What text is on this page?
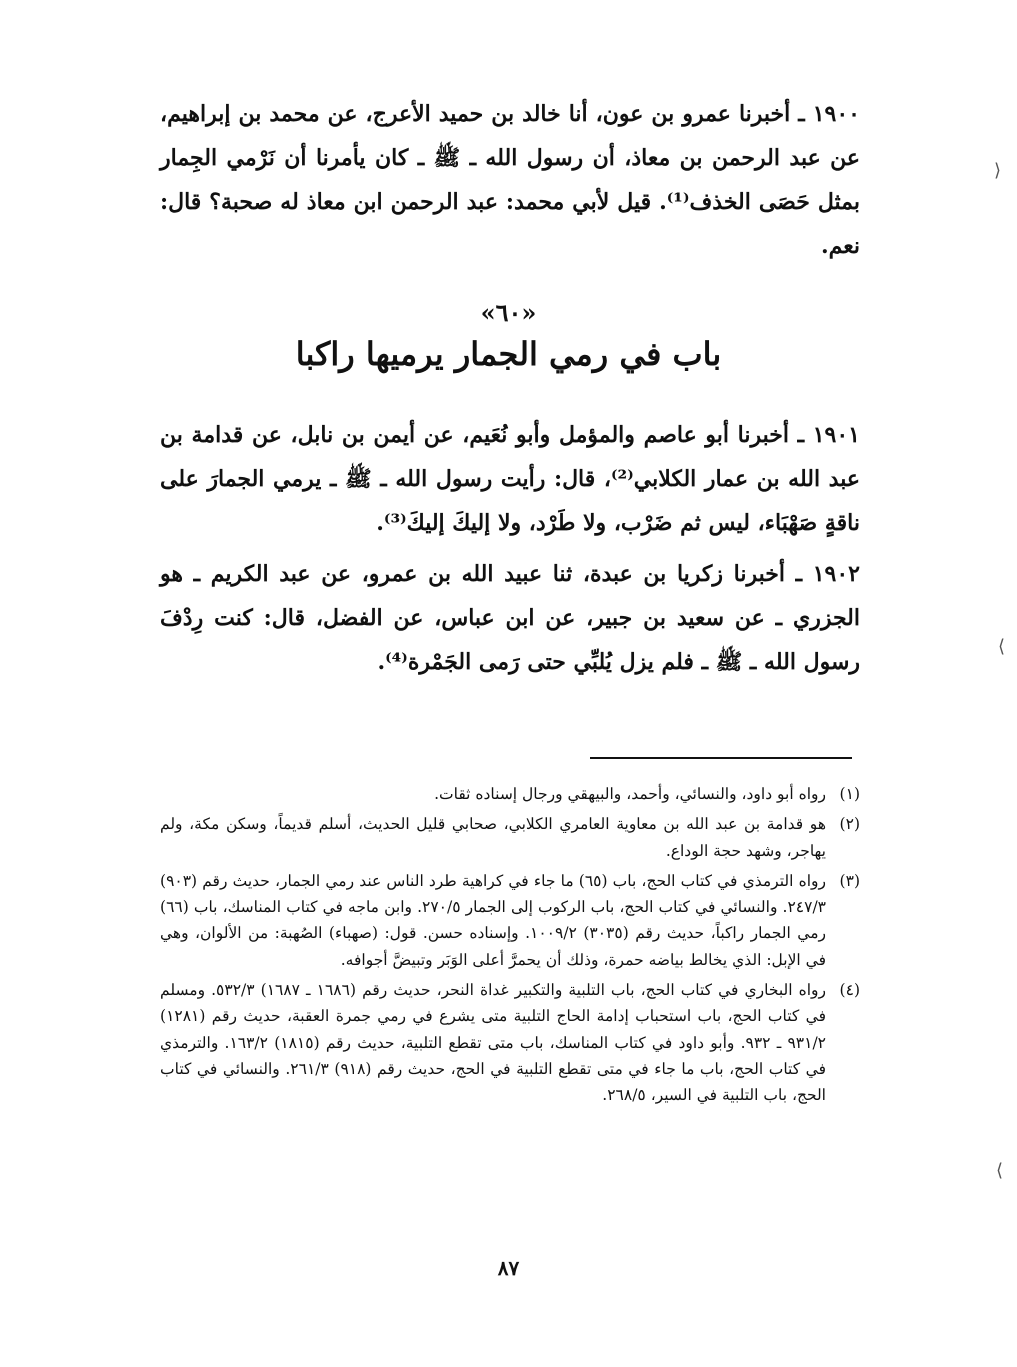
١٩٠٠ ـ أخبرنا عمرو بن عون، أنا خالد بن حميد الأعرج، عن محمد بن إبراهيم، عن عبد الرحمن بن معاذ، أن رسول الله ـ ﷺ ـ كان يأمرنا أن نَرْمي الجِمار بمثل حَصَى الخذف⁽¹⁾. قيل لأبي محمد: عبد الرحمن ابن معاذ له صحبة؟ قال: نعم.

«٦٠»
باب في رمي الجمار يرميها راكبا

١٩٠١ ـ أخبرنا أبو عاصم والمؤمل وأبو نُعَيم، عن أيمن بن نابل، عن قدامة بن عبد الله بن عمار الكلابي⁽²⁾، قال: رأيت رسول الله ـ ﷺ ـ يرمي الجمارَ على ناقةٍ صَهْبَاء، ليس ثم ضَرْب، ولا طَرْد، ولا إليكَ إليكَ⁽³⁾.

١٩٠٢ ـ أخبرنا زكريا بن عبدة، ثنا عبيد الله بن عمرو، عن عبد الكريم ـ هو الجزري ـ عن سعيد بن جبير، عن ابن عباس، عن الفضل، قال: كنت رِدْفَ رسول الله ـ ﷺ ـ فلم يزل يُلبِّي حتى رَمى الجَمْرة⁽⁴⁾.

(١)
رواه أبو داود، والنسائي، وأحمد، والبيهقي ورجال إسناده ثقات.
(٢)
هو قدامة بن عبد الله بن معاوية العامري الكلابي، صحابي قليل الحديث، أسلم قديماً، وسكن مكة، ولم يهاجر، وشهد حجة الوداع.
(٣)
رواه الترمذي في كتاب الحج، باب (٦٥) ما جاء في كراهية طرد الناس عند رمي الجمار، حديث رقم (٩٠٣) ٢٤٧/٣. والنسائي في كتاب الحج، باب الركوب إلى الجمار ٢٧٠/٥. وابن ماجه في كتاب المناسك، باب (٦٦) رمي الجمار راكباً، حديث رقم (٣٠٣٥) ١٠٠٩/٢. وإسناده حسن. قول: (صهباء) الصُهبة: من الألوان، وهي في الإبل: الذي يخالط بياضه حمرة، وذلك أن يحمرَّ أعلى الوَبَر وتبيضَّ أجوافه.
(٤)
رواه البخاري في كتاب الحج، باب التلبية والتكبير غداة النحر، حديث رقم (١٦٨٦ ـ ١٦٨٧) ٥٣٢/٣. ومسلم في كتاب الحج، باب استحباب إدامة الحاج التلبية متى يشرع في رمي جمرة العقبة، حديث رقم (١٢٨١) ٩٣١/٢ ـ ٩٣٢. وأبو داود في كتاب المناسك، باب متى تقطع التلبية، حديث رقم (١٨١٥) ١٦٣/٢. والترمذي في كتاب الحج، باب ما جاء في متى تقطع التلبية في الحج، حديث رقم (٩١٨) ٢٦١/٣. والنسائي في كتاب الحج، باب التلبية في السير، ٢٦٨/٥.
٨٧
⟩
⟨
⟨
